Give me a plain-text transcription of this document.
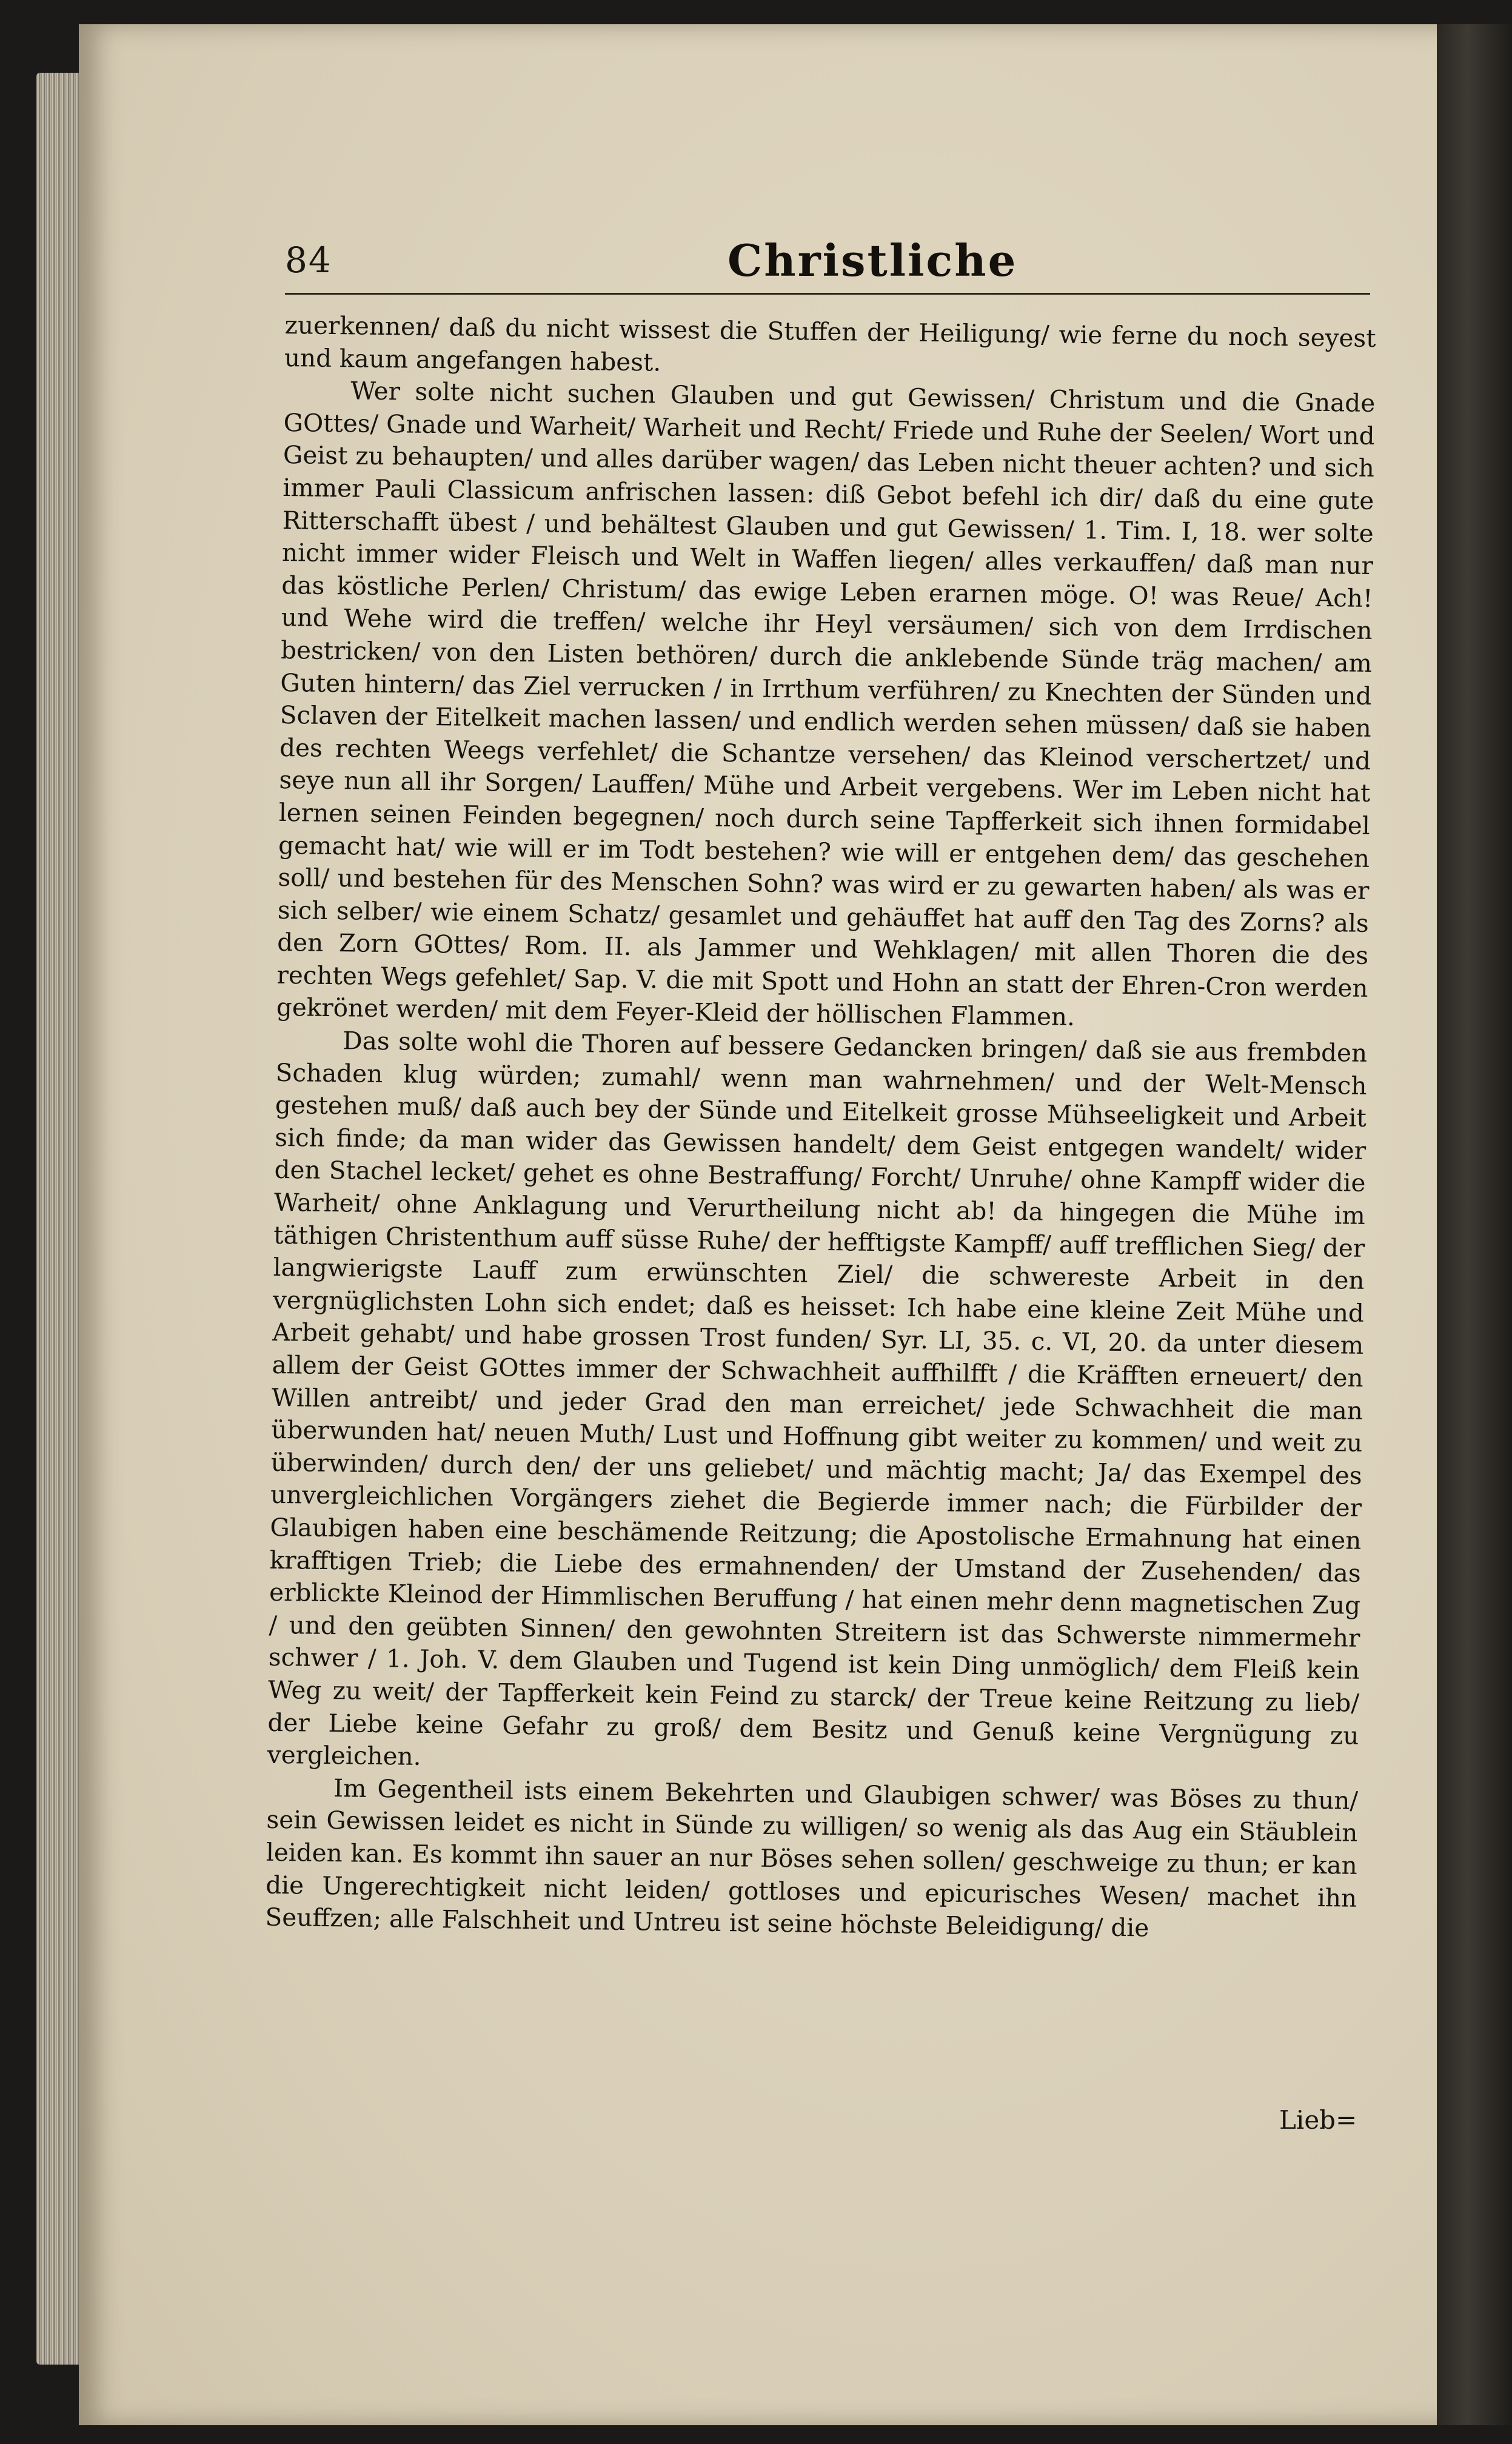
84	Christliche

zuerkennen/ daß du nicht wissest die Stuffen der Heiligung/ wie ferne du noch seyest und kaum angefangen habest.

Wer solte nicht suchen Glauben und gut Gewissen/ Christum und die Gnade GOttes/ Gnade und Warheit/ Warheit und Recht/ Friede und Ruhe der Seelen/ Wort und Geist zu behaupten/ und alles darüber wagen/ das Leben nicht theuer achten? und sich immer Pauli Classicum anfrischen lassen: diß Gebot befehl ich dir/ daß du eine gute Ritterschafft übest / und behältest Glauben und gut Gewissen/ 1. Tim. I, 18. wer solte nicht immer wider Fleisch und Welt in Waffen liegen/ alles verkauffen/ daß man nur das köstliche Perlen/ Christum/ das ewige Leben erarnen möge. O! was Reue/ Ach! und Wehe wird die treffen/ welche ihr Heyl versäumen/ sich von dem Irrdischen bestricken/ von den Listen bethören/ durch die anklebende Sünde träg machen/ am Guten hintern/ das Ziel verrucken / in Irrthum verführen/ zu Knechten der Sünden und Sclaven der Eitelkeit machen lassen/ und endlich werden sehen müssen/ daß sie haben des rechten Weegs verfehlet/ die Schantze versehen/ das Kleinod verschertzet/ und seye nun all ihr Sorgen/ Lauffen/ Mühe und Arbeit vergebens. Wer im Leben nicht hat lernen seinen Feinden begegnen/ noch durch seine Tapfferkeit sich ihnen formidabel gemacht hat/ wie will er im Todt bestehen? wie will er entgehen dem/ das geschehen soll/ und bestehen für des Menschen Sohn? was wird er zu gewarten haben/ als was er sich selber/ wie einem Schatz/ gesamlet und gehäuffet hat auff den Tag des Zorns? als den Zorn GOttes/ Rom. II. als Jammer und Wehklagen/ mit allen Thoren die des rechten Wegs gefehlet/ Sap. V. die mit Spott und Hohn an statt der Ehren-Cron werden gekrönet werden/ mit dem Feyer-Kleid der höllischen Flammen.

Das solte wohl die Thoren auf bessere Gedancken bringen/ daß sie aus frembden Schaden klug würden; zumahl/ wenn man wahrnehmen/ und der Welt-Mensch gestehen muß/ daß auch bey der Sünde und Eitelkeit grosse Mühseeligkeit und Arbeit sich finde; da man wider das Gewissen handelt/ dem Geist entgegen wandelt/ wider den Stachel lecket/ gehet es ohne Bestraffung/ Forcht/ Unruhe/ ohne Kampff wider die Warheit/ ohne Anklagung und Verurtheilung nicht ab! da hingegen die Mühe im täthigen Christenthum auff süsse Ruhe/ der hefftigste Kampff/ auff trefflichen Sieg/ der langwierigste Lauff zum erwünschten Ziel/ die schwereste Arbeit in den vergnüglichsten Lohn sich endet; daß es heisset: Ich habe eine kleine Zeit Mühe und Arbeit gehabt/ und habe grossen Trost funden/ Syr. LI, 35. c. VI, 20. da unter diesem allem der Geist GOttes immer der Schwachheit auffhilfft / die Kräfften erneuert/ den Willen antreibt/ und jeder Grad den man erreichet/ jede Schwachheit die man überwunden hat/ neuen Muth/ Lust und Hoffnung gibt weiter zu kommen/ und weit zu überwinden/ durch den/ der uns geliebet/ und mächtig macht; Ja/ das Exempel des unvergleichlichen Vorgängers ziehet die Begierde immer nach; die Fürbilder der Glaubigen haben eine beschämende Reitzung; die Apostolische Ermahnung hat einen krafftigen Trieb; die Liebe des ermahnenden/ der Umstand der Zusehenden/ das erblickte Kleinod der Himmlischen Beruffung / hat einen mehr denn magnetischen Zug / und den geübten Sinnen/ den gewohnten Streitern ist das Schwerste nimmermehr schwer / 1. Joh. V. dem Glauben und Tugend ist kein Ding unmöglich/ dem Fleiß kein Weg zu weit/ der Tapfferkeit kein Feind zu starck/ der Treue keine Reitzung zu lieb/ der Liebe keine Gefahr zu groß/ dem Besitz und Genuß keine Vergnügung zu vergleichen.

Im Gegentheil ists einem Bekehrten und Glaubigen schwer/ was Böses zu thun/ sein Gewissen leidet es nicht in Sünde zu willigen/ so wenig als das Aug ein Stäublein leiden kan. Es kommt ihn sauer an nur Böses sehen sollen/ geschweige zu thun; er kan die Ungerechtigkeit nicht leiden/ gottloses und epicurisches Wesen/ machet ihn Seuffzen; alle Falschheit und Untreu ist seine höchste Beleidigung/ die

Lieb=
